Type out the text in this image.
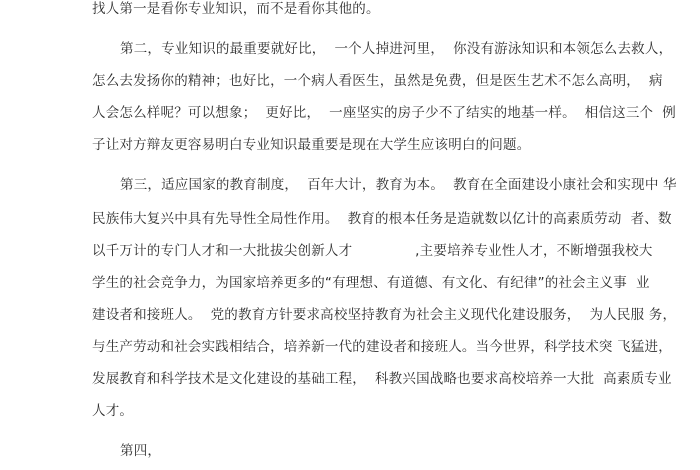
找人第一是看你专业知识，而不是看你其他的。
第二，专业知识的最重要就好比，  一个人掉进河里，  你没有游泳知识和本领怎么去救人，
怎么去发扬你的精神；也好比，一个病人看医生，虽然是免费，但是医生艺术不怎么高明，  病
人会怎么样呢？可以想象；  更好比，  一座坚实的房子少不了结实的地基一样。  相信这三个  例
子让对方辩友更容易明白专业知识最重要是现在大学生应该明白的问题。
第三，适应国家的教育制度，  百年大计，教育为本。  教育在全面建设小康社会和实现中 华
民族伟大复兴中具有先导性全局性作用。  教育的根本任务是造就数以亿计的高素质劳动  者、数
以千万计的专门人才和一大批拔尖创新人才              ,主要培养专业性人才，不断增强我校大
学生的社会竞争力，为国家培养更多的“有理想、有道德、有文化、有纪律”的社会主义事  业
建设者和接班人。  党的教育方针要求高校坚持教育为社会主义现代化建设服务，  为人民服 务，
与生产劳动和社会实践相结合，培养新一代的建设者和接班人。当今世界，科学技术突 飞猛进，
发展教育和科学技术是文化建设的基础工程，  科教兴国战略也要求高校培养一大批  高素质专业
人才。
第四，
